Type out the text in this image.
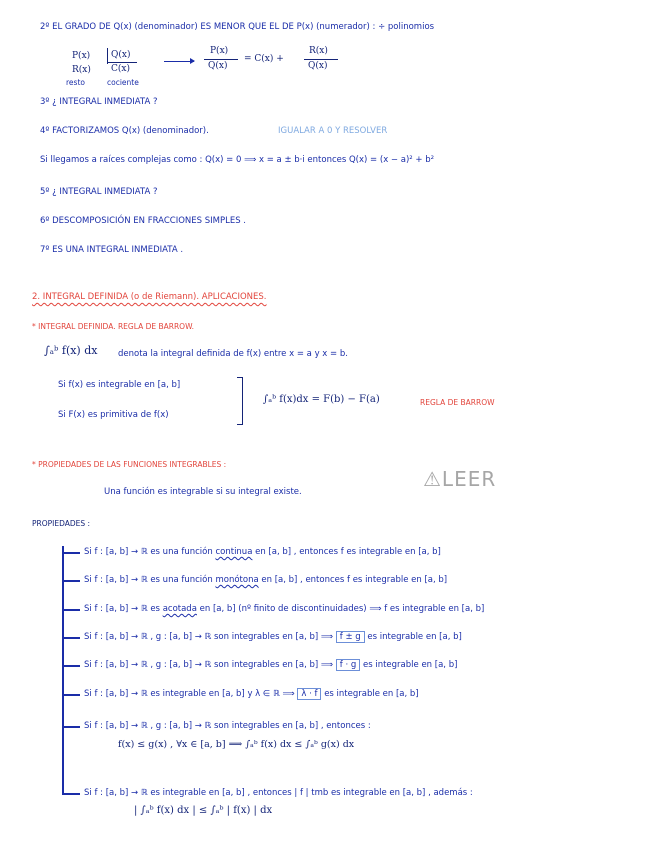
2º EL GRADO DE Q(x) (denominador) ES MENOR QUE EL DE P(x) (numerador) : ÷ polinomios
P(x) Q(x)
C(x)
R(x)
resto	cociente
P(x)
Q(x)
= C(x) +
R(x)
Q(x)
3º ¿ INTEGRAL INMEDIATA ?
4º FACTORIZAMOS Q(x) (denominador).	IGUALAR A 0 Y RESOLVER
Si llegamos a raíces complejas como : Q(x) = 0 ⟹ x = a ± b·i entonces Q(x) = (x − a)² + b²
5º ¿ INTEGRAL INMEDIATA ?
6º DESCOMPOSICIÓN EN FRACCIONES SIMPLES .
7º ES UNA INTEGRAL INMEDIATA .
2. INTEGRAL DEFINIDA (o de Riemann). APLICACIONES.
* INTEGRAL DEFINIDA. REGLA DE BARROW.
∫ₐᵇ f(x) dx denota la integral definida de f(x) entre x = a y x = b.
Si f(x) es integrable en [a, b]
Si F(x) es primitiva de f(x)
∫ₐᵇ f(x)dx = F(b) − F(a)	REGLA DE BARROW
* PROPIEDADES DE LAS FUNCIONES INTEGRABLES :
⚠LEER
Una función es integrable si su integral existe.
PROPIEDADES :
Si f : [a, b] → ℝ es una función continua en [a, b] , entonces f es integrable en [a, b]
Si f : [a, b] → ℝ es una función monótona en [a, b] , entonces f es integrable en [a, b]
Si f : [a, b] → ℝ es acotada en [a, b] (nº finito de discontinuidades) ⟹ f es integrable en [a, b]
Si f : [a, b] → ℝ , g : [a, b] → ℝ son integrables en [a, b] ⟹ f ± g es integrable en [a, b]
Si f : [a, b] → ℝ , g : [a, b] → ℝ son integrables en [a, b] ⟹ f · g es integrable en [a, b]
Si f : [a, b] → ℝ es integrable en [a, b] y λ ∈ ℝ ⟹ λ · f es integrable en [a, b]
Si f : [a, b] → ℝ , g : [a, b] → ℝ son integrables en [a, b] , entonces :
f(x) ≤ g(x) , ∀x ∈ [a, b] ⟹ ∫ₐᵇ f(x) dx ≤ ∫ₐᵇ g(x) dx
Si f : [a, b] → ℝ es integrable en [a, b] , entonces | f | tmb es integrable en [a, b] , además :
| ∫ₐᵇ f(x) dx | ≤ ∫ₐᵇ | f(x) | dx
